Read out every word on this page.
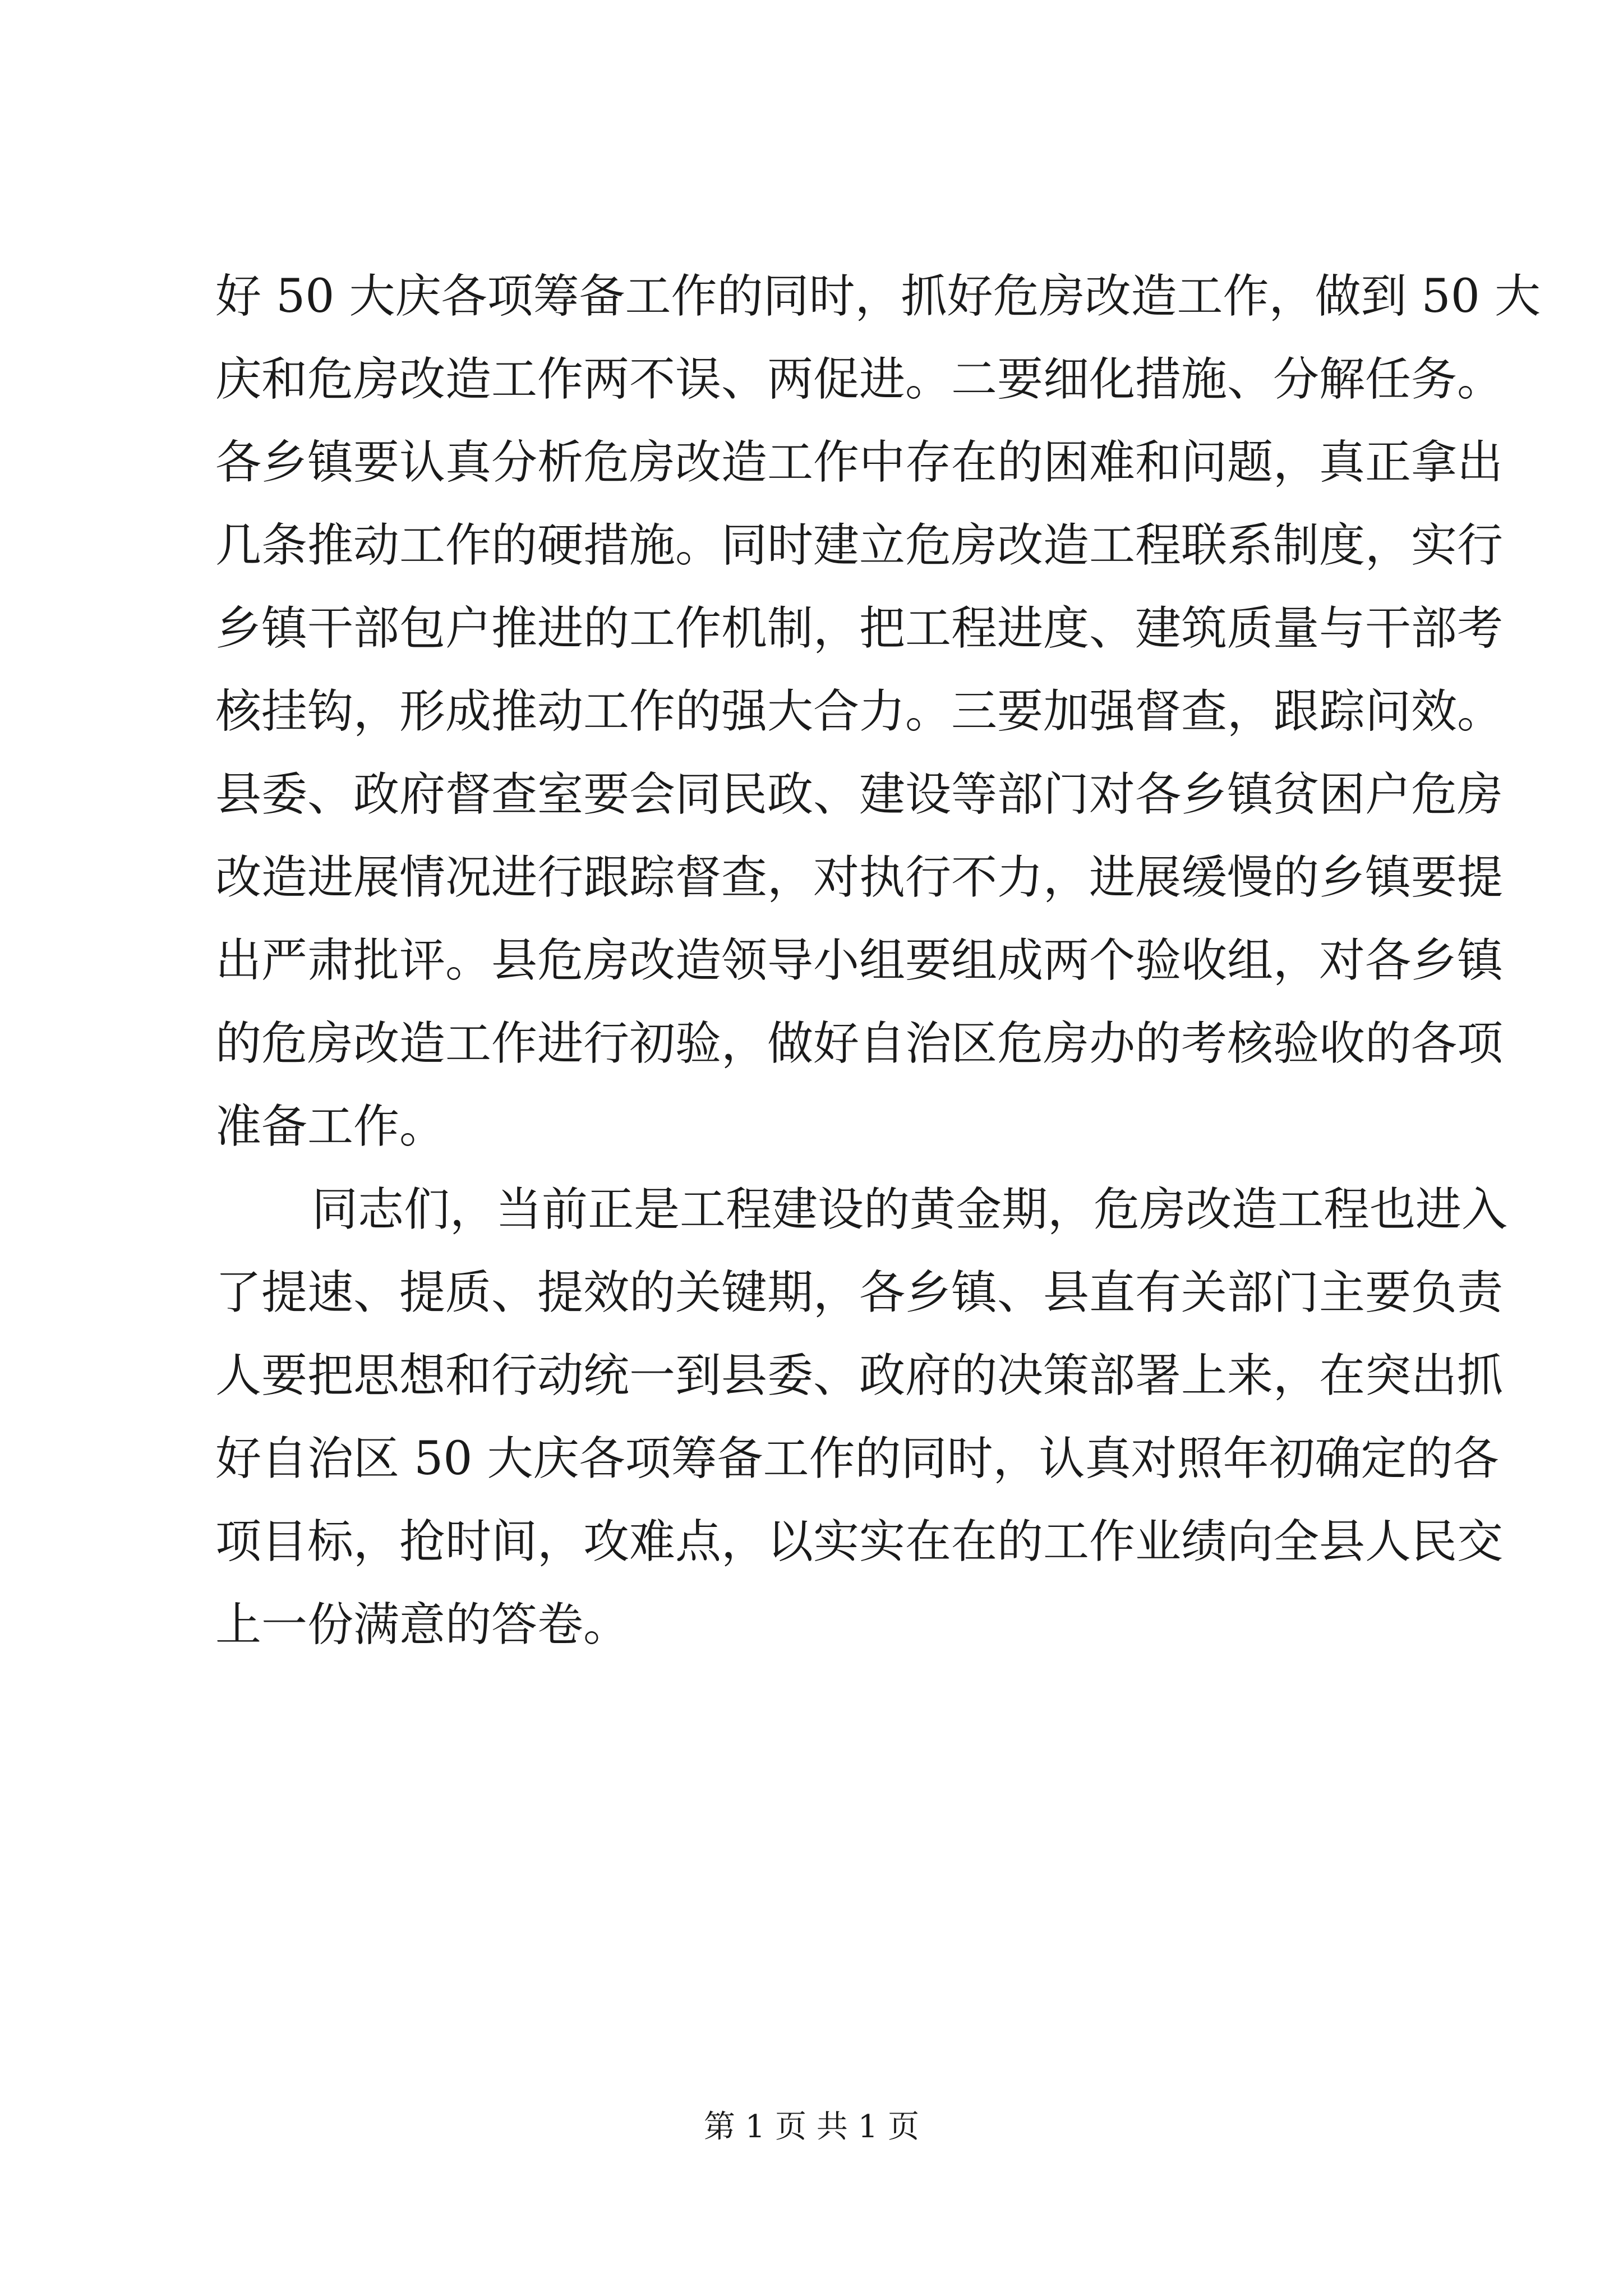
好 50 大庆各项筹备工作的同时，抓好危房改造工作，做到 50 大
庆和危房改造工作两不误、两促进。二要细化措施、分解任务。
各乡镇要认真分析危房改造工作中存在的困难和问题，真正拿出
几条推动工作的硬措施。同时建立危房改造工程联系制度，实行
乡镇干部包户推进的工作机制，把工程进度、建筑质量与干部考
核挂钩，形成推动工作的强大合力。三要加强督查，跟踪问效。
县委、政府督查室要会同民政、建设等部门对各乡镇贫困户危房
改造进展情况进行跟踪督查，对执行不力，进展缓慢的乡镇要提
出严肃批评。县危房改造领导小组要组成两个验收组，对各乡镇
的危房改造工作进行初验，做好自治区危房办的考核验收的各项
准备工作。
同志们，当前正是工程建设的黄金期，危房改造工程也进入
了提速、提质、提效的关键期，各乡镇、县直有关部门主要负责
人要把思想和行动统一到县委、政府的决策部署上来，在突出抓
好自治区 50 大庆各项筹备工作的同时，认真对照年初确定的各
项目标，抢时间，攻难点，以实实在在的工作业绩向全县人民交
上一份满意的答卷。
第 1 页 共 1 页
